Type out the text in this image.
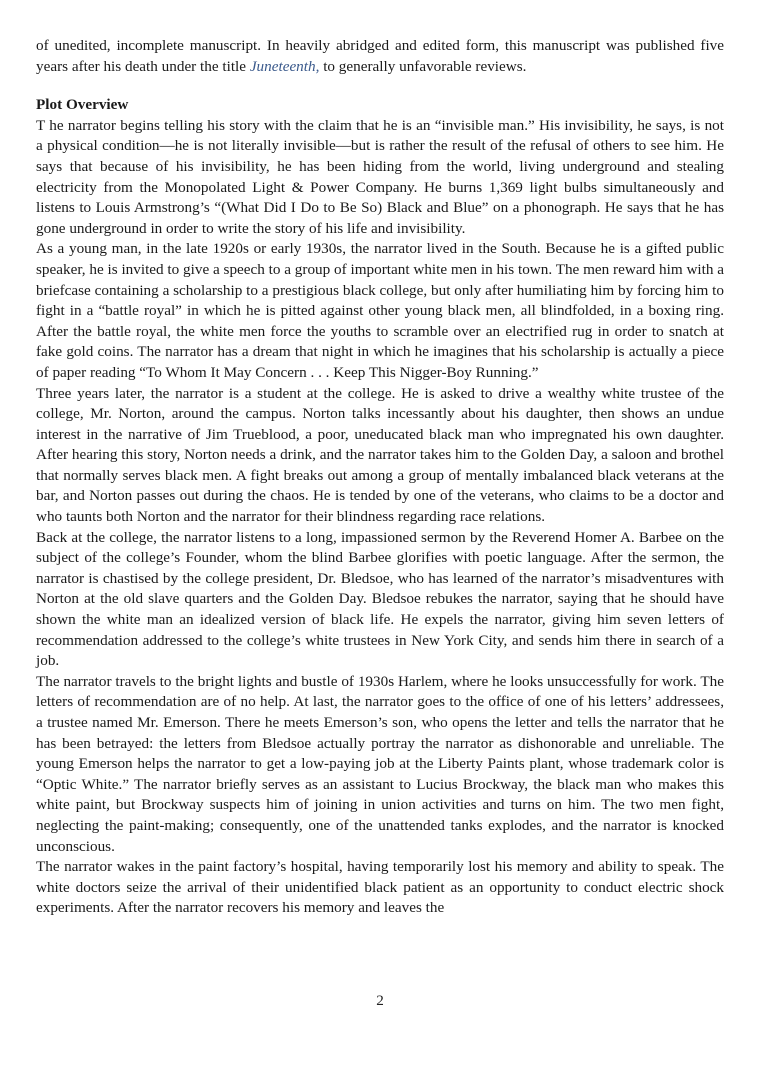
of unedited, incomplete manuscript. In heavily abridged and edited form, this manuscript was published five years after his death under the title Juneteenth, to generally unfavorable reviews.

Plot Overview

T he narrator begins telling his story with the claim that he is an “invisible man.” His invisibility, he says, is not a physical condition—he is not literally invisible—but is rather the result of the refusal of others to see him. He says that because of his invisibility, he has been hiding from the world, living underground and stealing electricity from the Monopolated Light & Power Company. He burns 1,369 light bulbs simultaneously and listens to Louis Armstrong’s “(What Did I Do to Be So) Black and Blue” on a phonograph. He says that he has gone underground in order to write the story of his life and invisibility.

As a young man, in the late 1920s or early 1930s, the narrator lived in the South. Because he is a gifted public speaker, he is invited to give a speech to a group of important white men in his town. The men reward him with a briefcase containing a scholarship to a prestigious black college, but only after humiliating him by forcing him to fight in a “battle royal” in which he is pitted against other young black men, all blindfolded, in a boxing ring. After the battle royal, the white men force the youths to scramble over an electrified rug in order to snatch at fake gold coins. The narrator has a dream that night in which he imagines that his scholarship is actually a piece of paper reading “To Whom It May Concern . . . Keep This Nigger-Boy Running.”

Three years later, the narrator is a student at the college. He is asked to drive a wealthy white trustee of the college, Mr. Norton, around the campus. Norton talks incessantly about his daughter, then shows an undue interest in the narrative of Jim Trueblood, a poor, uneducated black man who impregnated his own daughter. After hearing this story, Norton needs a drink, and the narrator takes him to the Golden Day, a saloon and brothel that normally serves black men. A fight breaks out among a group of mentally imbalanced black veterans at the bar, and Norton passes out during the chaos. He is tended by one of the veterans, who claims to be a doctor and who taunts both Norton and the narrator for their blindness regarding race relations.

Back at the college, the narrator listens to a long, impassioned sermon by the Reverend Homer A. Barbee on the subject of the college’s Founder, whom the blind Barbee glorifies with poetic language. After the sermon, the narrator is chastised by the college president, Dr. Bledsoe, who has learned of the narrator’s misadventures with Norton at the old slave quarters and the Golden Day. Bledsoe rebukes the narrator, saying that he should have shown the white man an idealized version of black life. He expels the narrator, giving him seven letters of recommendation addressed to the college’s white trustees in New York City, and sends him there in search of a job.

The narrator travels to the bright lights and bustle of 1930s Harlem, where he looks unsuccessfully for work. The letters of recommendation are of no help. At last, the narrator goes to the office of one of his letters’ addressees, a trustee named Mr. Emerson. There he meets Emerson’s son, who opens the letter and tells the narrator that he has been betrayed: the letters from Bledsoe actually portray the narrator as dishonorable and unreliable. The young Emerson helps the narrator to get a low-paying job at the Liberty Paints plant, whose trademark color is “Optic White.” The narrator briefly serves as an assistant to Lucius Brockway, the black man who makes this white paint, but Brockway suspects him of joining in union activities and turns on him. The two men fight, neglecting the paint-making; consequently, one of the unattended tanks explodes, and the narrator is knocked unconscious.

The narrator wakes in the paint factory’s hospital, having temporarily lost his memory and ability to speak. The white doctors seize the arrival of their unidentified black patient as an opportunity to conduct electric shock experiments. After the narrator recovers his memory and leaves the

2
